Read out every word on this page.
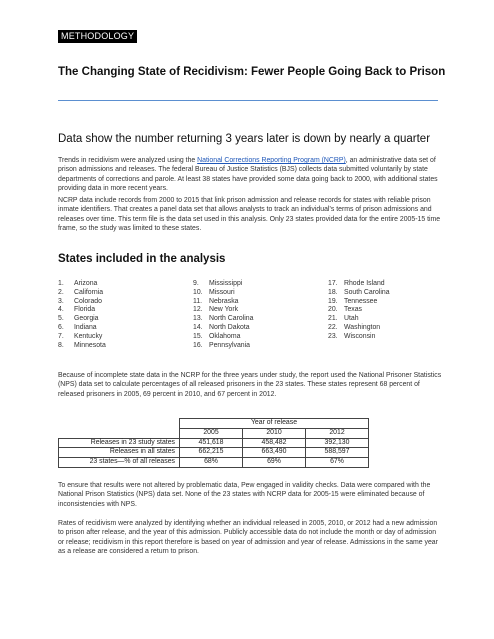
METHODOLOGY
The Changing State of Recidivism: Fewer People Going Back to Prison
Data show the number returning 3 years later is down by nearly a quarter
Trends in recidivism were analyzed using the National Corrections Reporting Program (NCRP), an administrative data set of prison admissions and releases. The federal Bureau of Justice Statistics (BJS) collects data submitted voluntarily by state departments of corrections and parole. At least 38 states have provided some data going back to 2000, with additional states providing data in more recent years.
NCRP data include records from 2000 to 2015 that link prison admission and release records for states with reliable prison inmate identifiers. That creates a panel data set that allows analysts to track an individual’s terms of prison admissions and releases over time. This term file is the data set used in this analysis. Only 23 states provided data for the entire 2005-15 time frame, so the study was limited to these states.
States included in the analysis
1.	Arizona
2.	California
3.	Colorado
4.	Florida
5.	Georgia
6.	Indiana
7.	Kentucky
8.	Minnesota
9.	Mississippi
10. Missouri
11.	Nebraska
12. New York
13. North Carolina
14. North Dakota
15. Oklahoma
16. Pennsylvania
17. Rhode Island
18. South Carolina
19. Tennessee
20. Texas
21. Utah
22. Washington
23. Wisconsin
Because of incomplete state data in the NCRP for the three years under study, the report used the National Prisoner Statistics (NPS) data set to calculate percentages of all released prisoners in the 23 states. These states represent 68 percent of released prisoners in 2005, 69 percent in 2010, and 67 percent in 2012.
	Year of release		
	2005	2010	2012
Releases in 23 study states	451,618	458,482	392,130
Releases in all states	662,215	663,490	588,597
23 states—% of all releases	68%	69%	67%
To ensure that results were not altered by problematic data, Pew engaged in validity checks. Data were compared with the National Prison Statistics (NPS) data set. None of the 23 states with NCRP data for 2005-15 were eliminated because of inconsistencies with NPS.
Rates of recidivism were analyzed by identifying whether an individual released in 2005, 2010, or 2012 had a new admission to prison after release, and the year of this admission. Publicly accessible data do not include the month or day of admission or release; recidivism in this report therefore is based on year of admission and year of release. Admissions in the same year as a release are considered a return to prison.
